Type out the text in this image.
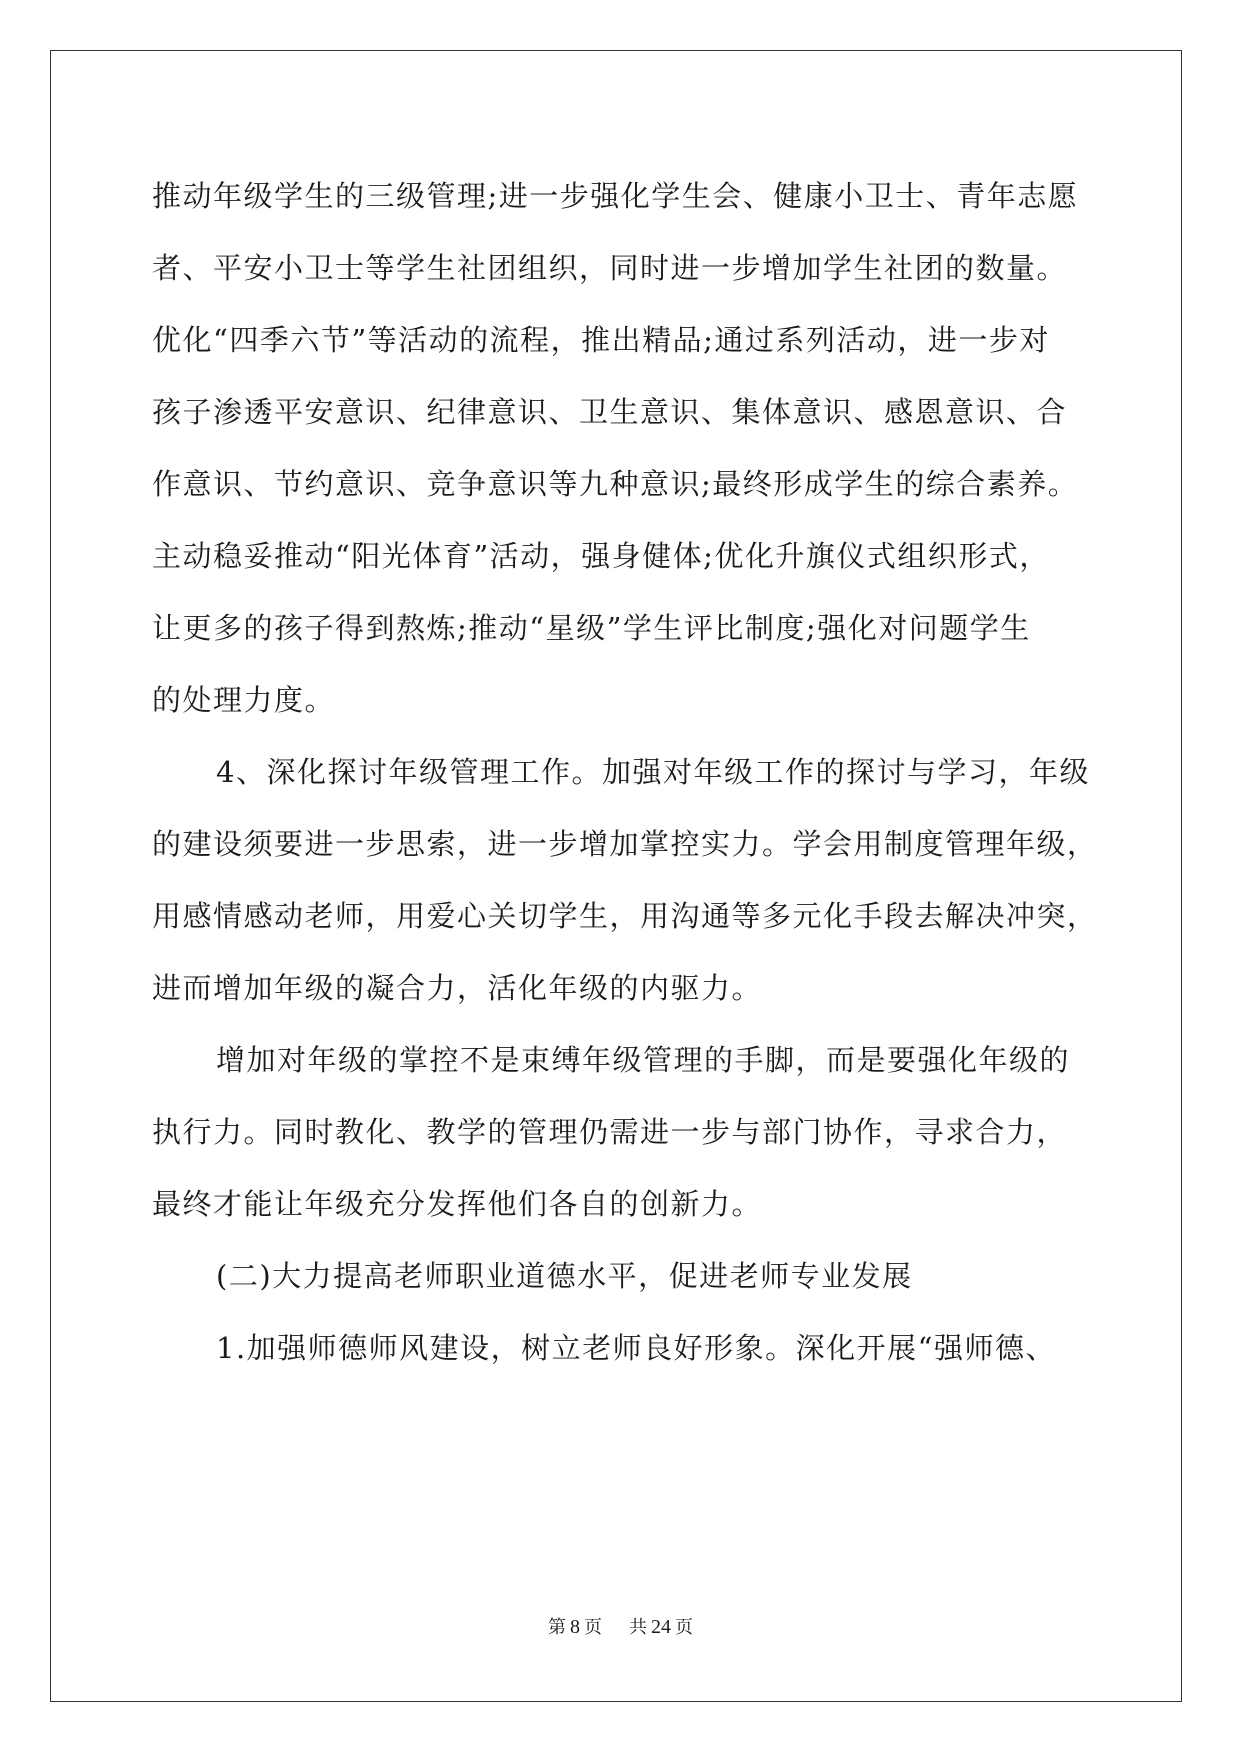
推动年级学生的三级管理;进一步强化学生会、健康小卫士、青年志愿
者、平安小卫士等学生社团组织，同时进一步增加学生社团的数量。
优化“四季六节”等活动的流程，推出精品;通过系列活动，进一步对
孩子渗透平安意识、纪律意识、卫生意识、集体意识、感恩意识、合
作意识、节约意识、竞争意识等九种意识;最终形成学生的综合素养。
主动稳妥推动“阳光体育”活动，强身健体;优化升旗仪式组织形式，
让更多的孩子得到熬炼;推动“星级”学生评比制度;强化对问题学生
的处理力度。
4、深化探讨年级管理工作。加强对年级工作的探讨与学习，年级
的建设须要进一步思索，进一步增加掌控实力。学会用制度管理年级，
用感情感动老师，用爱心关切学生，用沟通等多元化手段去解决冲突，
进而增加年级的凝合力，活化年级的内驱力。
增加对年级的掌控不是束缚年级管理的手脚，而是要强化年级的
执行力。同时教化、教学的管理仍需进一步与部门协作，寻求合力，
最终才能让年级充分发挥他们各自的创新力。
(二)大力提高老师职业道德水平，促进老师专业发展
1.加强师德师风建设，树立老师良好形象。深化开展“强师德、
第 8 页 共 24 页
